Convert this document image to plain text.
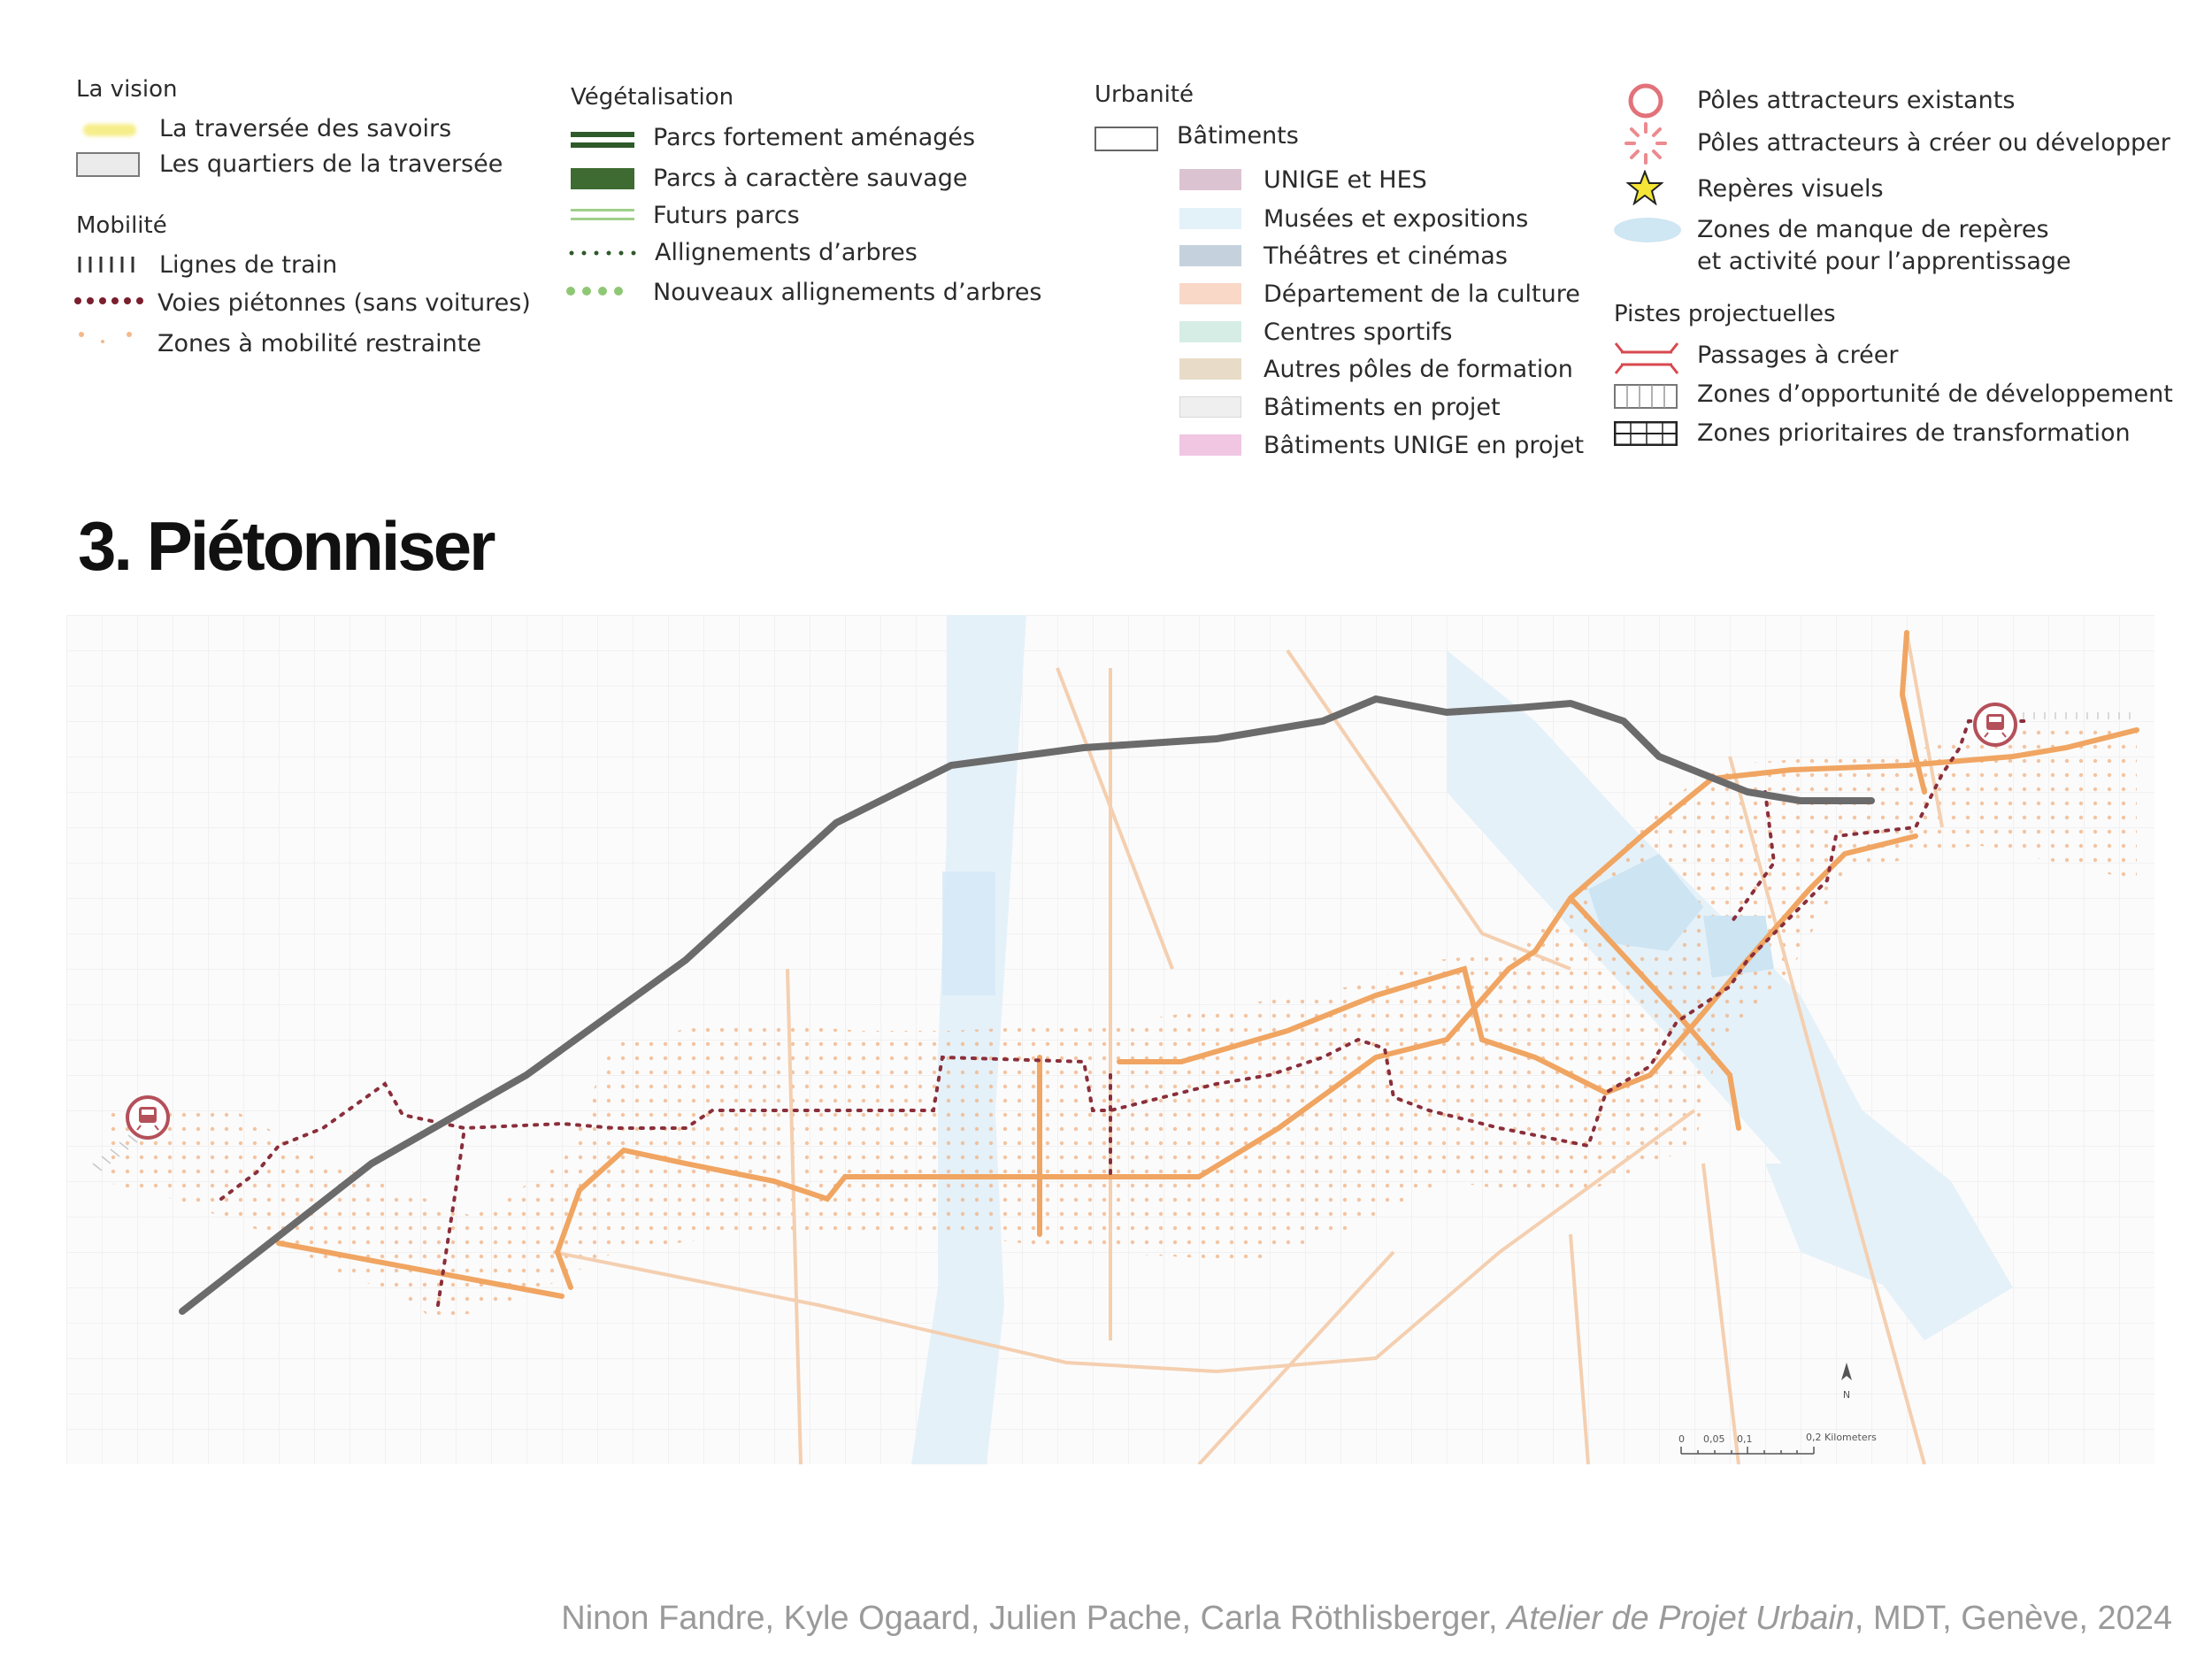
La vision
La traversée des savoirs
Les quartiers de la traversée
Mobilité
Lignes de train
Voies piétonnes (sans voitures)
Zones à mobilité restrainte
Végétalisation
Parcs fortement aménagés
Parcs à caractère sauvage
Futurs parcs
Allignements d’arbres
Nouveaux allignements d’arbres
Urbanité
Bâtiments
UNIGE et HES
Musées et expositions
Théâtres et cinémas
Département de la culture
Centres sportifs
Autres pôles de formation
Bâtiments en projet
Bâtiments UNIGE en projet
Pôles attracteurs existants
Pôles attracteurs à créer ou développer
Repères visuels
Zones de manque de repères
et activité pour l’apprentissage
Pistes projectuelles
Passages à créer
Zones d’opportunité de développement
Zones prioritaires de transformation
3. Piétonniser
N
0 0,05 0,1	0,2 Kilometers
Ninon Fandre, Kyle Ogaard, Julien Pache, Carla Röthlisberger, Atelier de Projet Urbain, MDT, Genève, 2024
